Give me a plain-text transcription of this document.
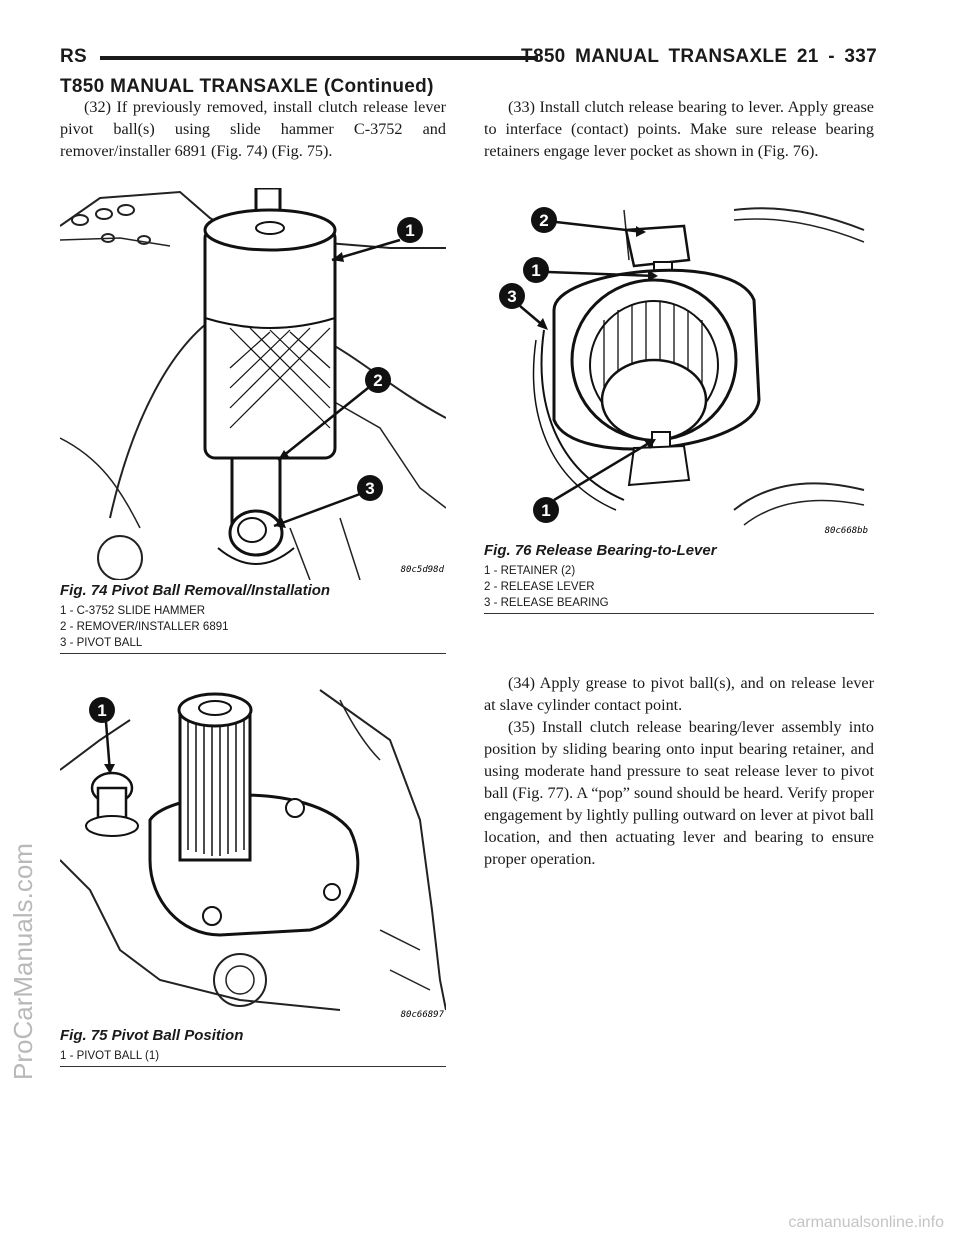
RS	T850 MANUAL TRANSAXLE 21 - 337
T850 MANUAL TRANSAXLE (Continued)

(32) If previously removed, install clutch release lever pivot ball(s) using slide hammer C-3752 and remover/installer 6891 (Fig. 74) (Fig. 75).

(33) Install clutch release bearing to lever. Apply grease to interface (contact) points. Make sure release bearing retainers engage lever pocket as shown in (Fig. 76).

1
2
3
80c5d98d
Fig. 74 Pivot Ball Removal/Installation
1 - C-3752 SLIDE HAMMER
2 - REMOVER/INSTALLER 6891
3 - PIVOT BALL
1
80c66897
Fig. 75 Pivot Ball Position
1 - PIVOT BALL (1)
2
1
3
1
80c668bb
Fig. 76 Release Bearing-to-Lever
1 - RETAINER (2)
2 - RELEASE LEVER
3 - RELEASE BEARING

(34) Apply grease to pivot ball(s), and on release lever at slave cylinder contact point.

(35) Install clutch release bearing/lever assembly into position by sliding bearing onto input bearing retainer, and using moderate hand pressure to seat release lever to pivot ball (Fig. 77). A “pop” sound should be heard. Verify proper engagement by lightly pulling outward on lever at pivot ball location, and then actuating lever and bearing to ensure proper operation.

ProCarManuals.com
carmanualsonline.info
